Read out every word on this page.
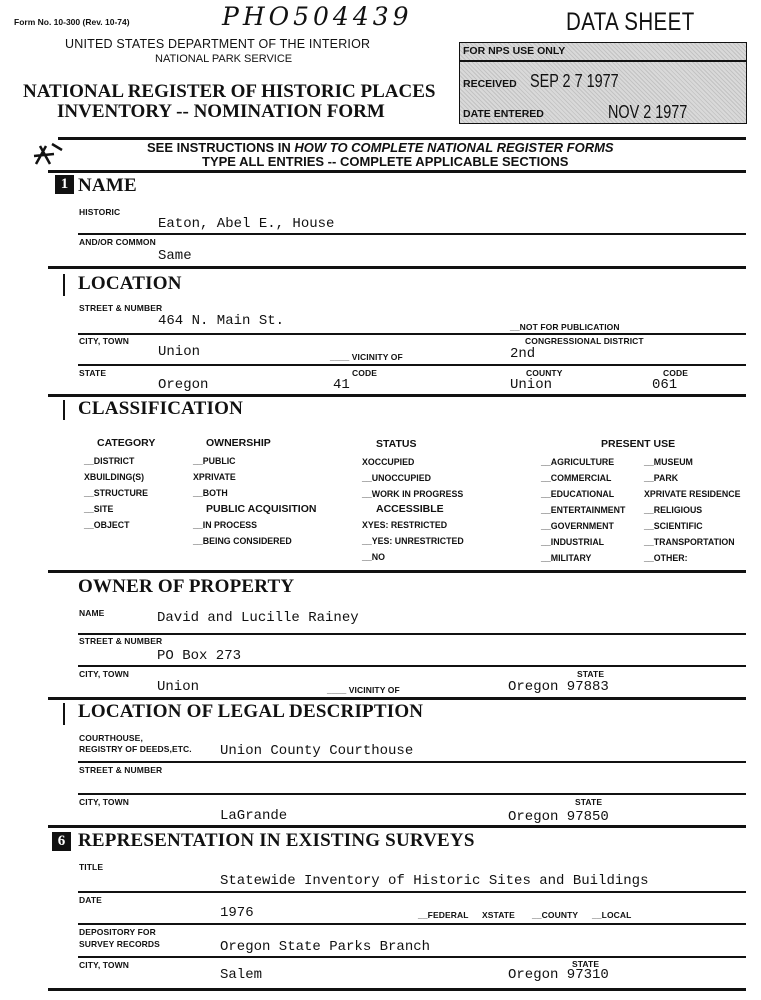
Form No. 10-300 (Rev. 10-74)	PHO504439	DATA SHEET
UNITED STATES DEPARTMENT OF THE INTERIOR
NATIONAL PARK SERVICE
NATIONAL REGISTER OF HISTORIC PLACES
INVENTORY -- NOMINATION FORM
FOR NPS USE ONLY
RECEIVED SEP 2 7 1977
DATE ENTERED	NOV 2 1977
SEE INSTRUCTIONS IN HOW TO COMPLETE NATIONAL REGISTER FORMS
TYPE ALL ENTRIES -- COMPLETE APPLICABLE SECTIONS
1 NAME
HISTORIC
Eaton, Abel E., House
AND/OR COMMON
Same
LOCATION
STREET & NUMBER
464 N. Main St.	__NOT FOR PUBLICATION
CITY, TOWN
Union	____ VICINITY OF
CONGRESSIONAL DISTRICT
2nd
STATE
Oregon
CODE
41
COUNTY
Union
CODE
061
CLASSIFICATION
CATEGORY
__DISTRICT
XBUILDING(S)
__STRUCTURE
__SITE
__OBJECT
OWNERSHIP
__PUBLIC
XPRIVATE
__BOTH
PUBLIC ACQUISITION
__IN PROCESS
__BEING CONSIDERED
STATUS
XOCCUPIED
__UNOCCUPIED
__WORK IN PROGRESS
ACCESSIBLE
XYES: RESTRICTED
__YES: UNRESTRICTED
__NO
PRESENT USE
__AGRICULTURE
__COMMERCIAL
__EDUCATIONAL
__ENTERTAINMENT
__GOVERNMENT
__INDUSTRIAL
__MILITARY
__MUSEUM
__PARK
XPRIVATE RESIDENCE
__RELIGIOUS
__SCIENTIFIC
__TRANSPORTATION
__OTHER:
OWNER OF PROPERTY
NAME	David and Lucille Rainey
STREET & NUMBER
PO Box 273
CITY, TOWN
Union	____ VICINITY OF
STATE
Oregon 97883
LOCATION OF LEGAL DESCRIPTION
COURTHOUSE,
REGISTRY OF DEEDS,ETC. Union County Courthouse
STREET & NUMBER
CITY, TOWN
LaGrande
STATE
Oregon 97850
6 REPRESENTATION IN EXISTING SURVEYS
TITLE
Statewide Inventory of Historic Sites and Buildings
DATE
1976	__FEDERAL XSTATE __COUNTY __LOCAL
DEPOSITORY FOR
SURVEY RECORDS	Oregon State Parks Branch
CITY, TOWN
Salem
STATE
Oregon 97310
